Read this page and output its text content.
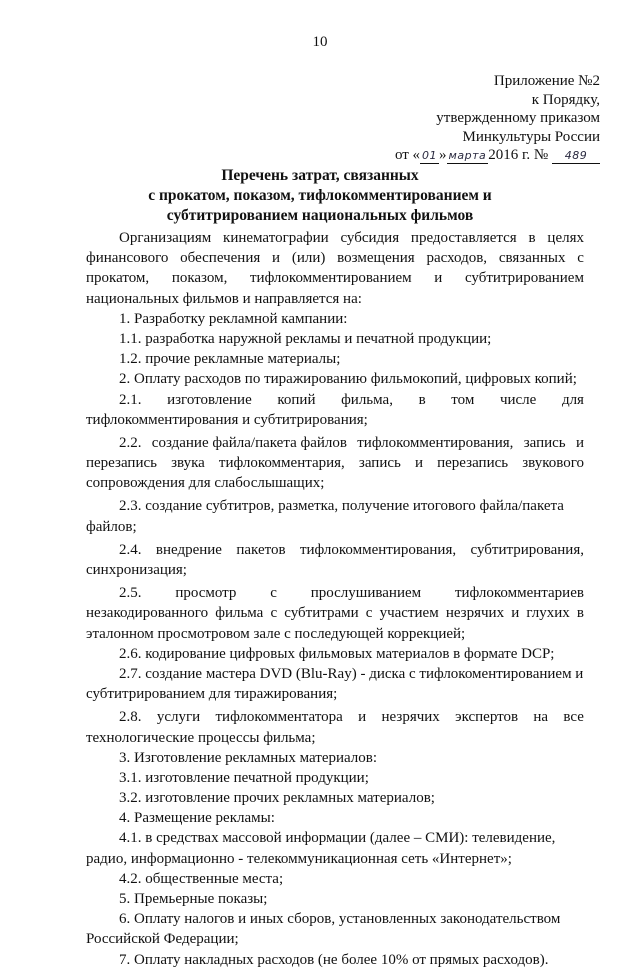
10
Приложение №2
к Порядку,
утвержденному приказом
Минкультуры России
от « 01 » марта 2016 г. № 489
Перечень затрат, связанных
с прокатом, показом, тифлокомментированием и
субтитрированием национальных фильмов
Организациям кинематографии субсидия предоставляется в целях
финансового обеспечения и (или) возмещения расходов, связанных с
прокатом, показом, тифлокомментированием и субтитрированием
национальных фильмов и направляется на:
1. Разработку рекламной кампании:
1.1. разработка наружной рекламы и печатной продукции;
1.2. прочие рекламные материалы;
2. Оплату расходов по тиражированию фильмокопий, цифровых копий;
2.1. изготовление копий фильма, в том числе для
тифлокомментирования и субтитрирования;
2.2. создание файла/пакета файлов тифлокомментирования, запись и
перезапись звука тифлокомментария, запись и перезапись звукового
сопровождения для слабослышащих;
2.3. создание субтитров, разметка, получение итогового файла/пакета
файлов;
2.4. внедрение пакетов тифлокомментирования, субтитрирования,
синхронизация;
2.5. просмотр с прослушиванием тифлокомментариев
незакодированного фильма с субтитрами с участием незрячих и глухих в
эталонном просмотровом зале с последующей коррекцией;
2.6. кодирование цифровых фильмовых материалов в формате DCP;
2.7. создание мастера DVD (Blu-Ray) - диска с тифлокоментированием и
субтитрированием для тиражирования;
2.8. услуги тифлокомментатора и незрячих экспертов на все
технологические процессы фильма;
3. Изготовление рекламных материалов:
3.1. изготовление печатной продукции;
3.2. изготовление прочих рекламных материалов;
4. Размещение рекламы:
4.1. в средствах массовой информации (далее – СМИ): телевидение,
радио, информационно - телекоммуникационная сеть «Интернет»;
4.2. общественные места;
5. Премьерные показы;
6. Оплату налогов и иных сборов, установленных законодательством
Российской Федерации;
7. Оплату накладных расходов (не более 10% от прямых расходов).
